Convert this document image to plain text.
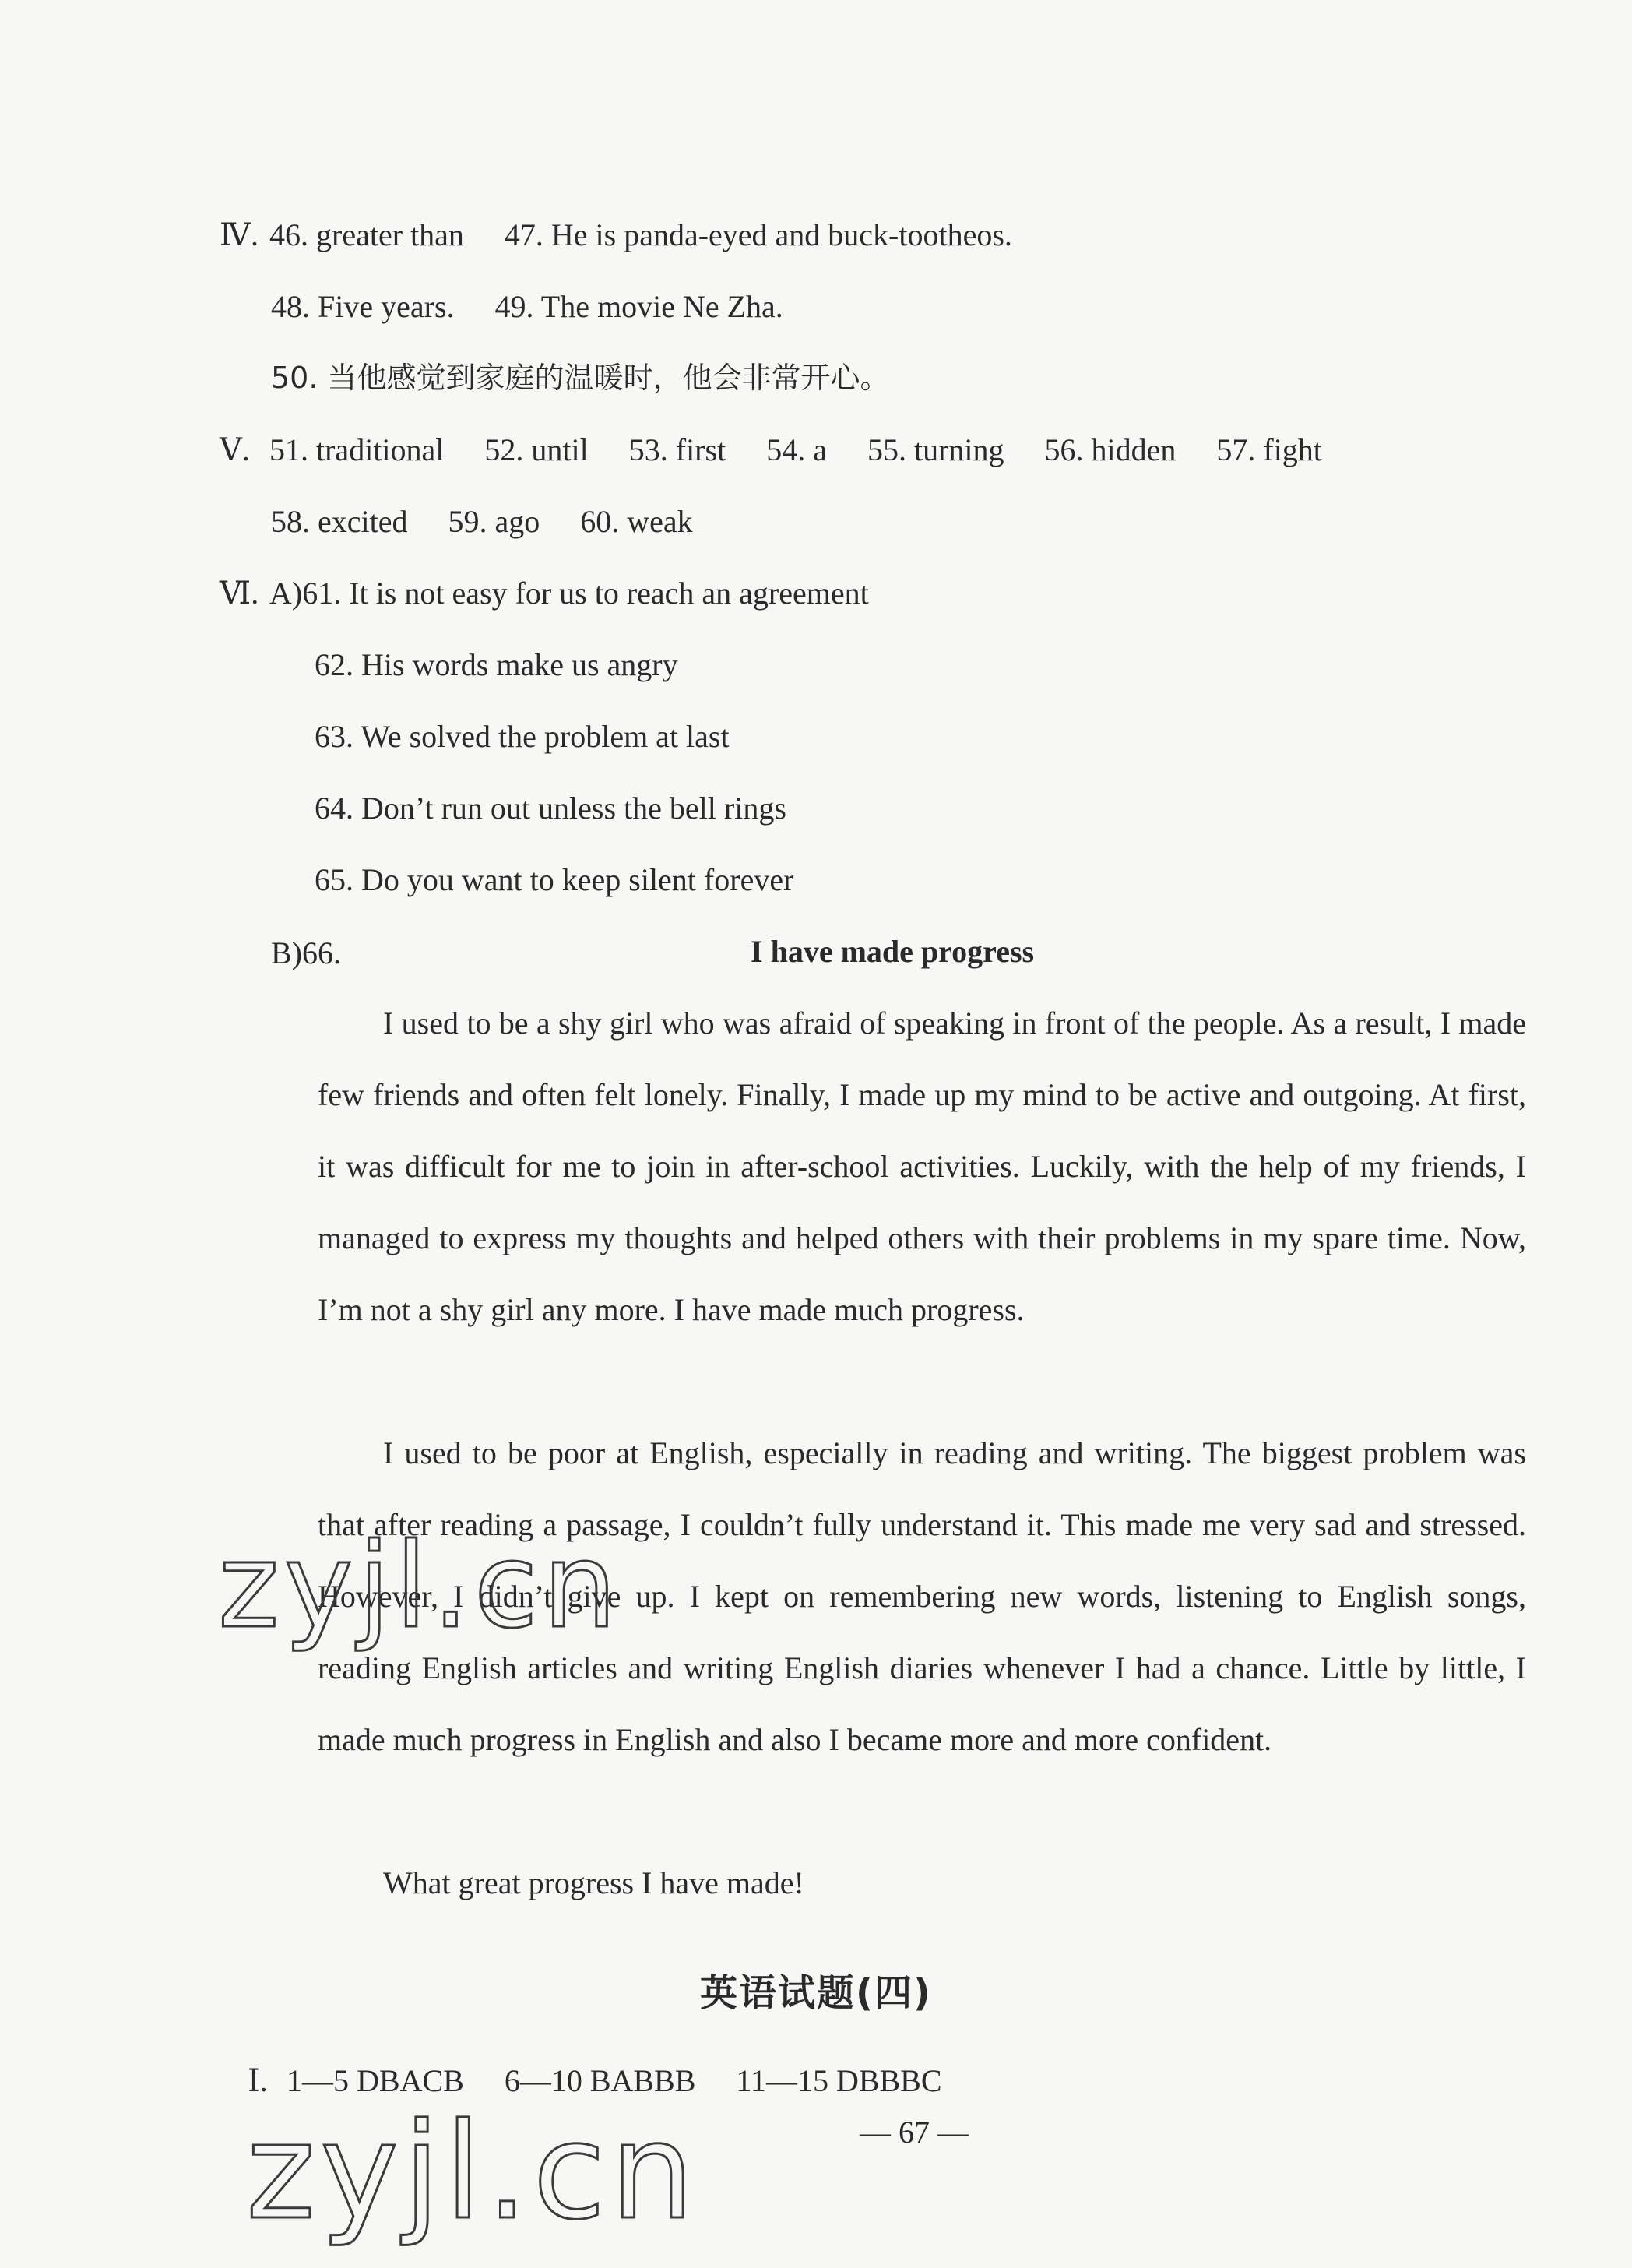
Ⅳ. 46. greater than 47. He is panda-eyed and buck-tootheos.
48. Five years. 49. The movie Ne Zha.
50. 当他感觉到家庭的温暖时，他会非常开心。
Ⅴ. 51. traditional 52. until 53. first 54. a 55. turning 56. hidden 57. fight
58. excited 59. ago 60. weak
Ⅵ. A)61. It is not easy for us to reach an agreement
62. His words make us angry
63. We solved the problem at last
64. Don’t run out unless the bell rings
65. Do you want to keep silent forever
B)66.	I have made progress

I used to be a shy girl who was afraid of speaking in front of the people. As a result, I made few friends and often felt lonely. Finally, I made up my mind to be active and outgoing. At first, it was difficult for me to join in after-school activities. Luckily, with the help of my friends, I managed to express my thoughts and helped others with their problems in my spare time. Now, I’m not a shy girl any more. I have made much progress.

I used to be poor at English, especially in reading and writing. The biggest problem was that after reading a passage, I couldn’t fully understand it. This made me very sad and stressed. However, I didn’t give up. I kept on remembering new words, listening to English songs, reading English articles and writing English diaries whenever I had a chance. Little by little, I made much progress in English and also I became more and more confident.

What great progress I have made!

英语试题(四)
Ⅰ. 1—5 DBACB 6—10 BABBB 11—15 DBBBC
— 67 —
zyjl.cn
zyjl.cn
